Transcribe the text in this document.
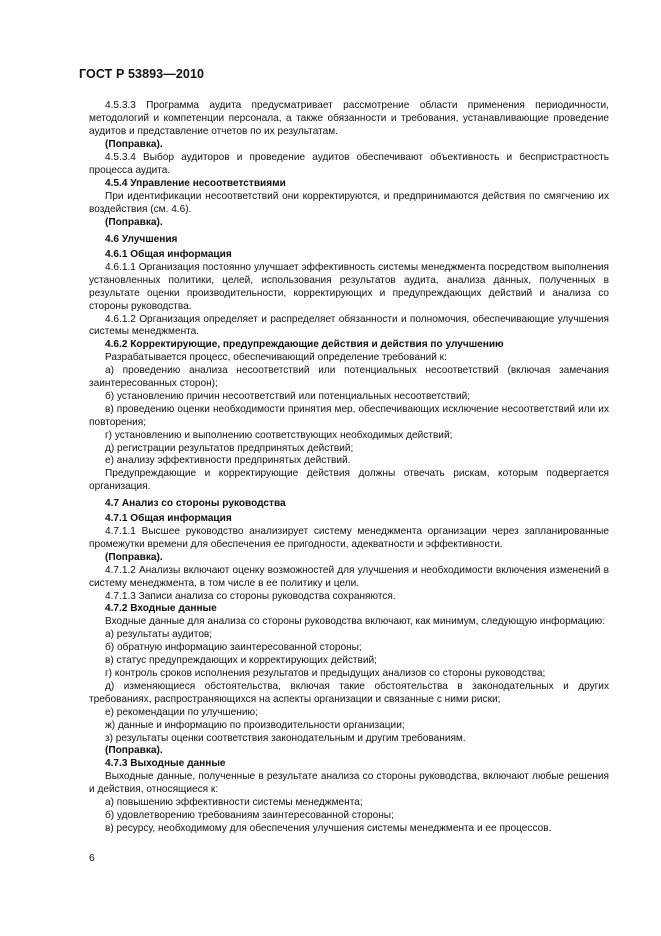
ГОСТ Р 53893—2010

4.5.3.3 Программа аудита предусматривает рассмотрение области применения периодичности, методологий и компетенции персонала, а также обязанности и требования, устанавливающие проведение аудитов и представление отчетов по их результатам.

(Поправка).

4.5.3.4 Выбор аудиторов и проведение аудитов обеспечивают объективность и беспристрастность процесса аудита.

4.5.4 Управление несоответствиями

При идентификации несоответствий они корректируются, и предпринимаются действия по смягчению их воздействия (см. 4.6).

(Поправка).

4.6 Улучшения

4.6.1 Общая информация

4.6.1.1 Организация постоянно улучшает эффективность системы менеджмента посредством выполнения установленных политики, целей, использования результатов аудита, анализа данных, полученных в результате оценки производительности, корректирующих и предупреждающих действий и анализа со стороны руководства.

4.6.1.2 Организация определяет и распределяет обязанности и полномочия, обеспечивающие улучшения системы менеджмента.

4.6.2 Корректирующие, предупреждающие действия и действия по улучшению

Разрабатывается процесс, обеспечивающий определение требований к:

а) проведению анализа несоответствий или потенциальных несоответствий (включая замечания заинтересованных сторон);

б) установлению причин несоответствий или потенциальных несоответствий;

в) проведению оценки необходимости принятия мер, обеспечивающих исключение несоответствий или их повторения;

г) установлению и выполнению соответствующих необходимых действий;

д) регистрации результатов предпринятых действий;

е) анализу эффективности предпринятых действий.

Предупреждающие и корректирующие действия должны отвечать рискам, которым подвергается организация.

4.7 Анализ со стороны руководства

4.7.1 Общая информация

4.7.1.1 Высшее руководство анализирует систему менеджмента организации через запланированные промежутки времени для обеспечения ее пригодности, адекватности и эффективности.

(Поправка).

4.7.1.2 Анализы включают оценку возможностей для улучшения и необходимости включения изменений в систему менеджмента, в том числе в ее политику и цели.

4.7.1.3 Записи анализа со стороны руководства сохраняются.

4.7.2 Входные данные

Входные данные для анализа со стороны руководства включают, как минимум, следующую информацию:

а) результаты аудитов;

б) обратную информацию заинтересованной стороны;

в) статус предупреждающих и корректирующих действий;

г) контроль сроков исполнения результатов и предыдущих анализов со стороны руководства;

д) изменяющиеся обстоятельства, включая такие обстоятельства в законодательных и других требованиях, распространяющихся на аспекты организации и связанные с ними риски;

е) рекомендации по улучшению;

ж) данные и информацию по производительности организации;

з) результаты оценки соответствия законодательным и другим требованиям.

(Поправка).

4.7.3 Выходные данные

Выходные данные, полученные в результате анализа со стороны руководства, включают любые решения и действия, относящиеся к:

а) повышению эффективности системы менеджмента;

б) удовлетворению требованиям заинтересованной стороны;

в) ресурсу, необходимому для обеспечения улучшения системы менеджмента и ее процессов.

6
